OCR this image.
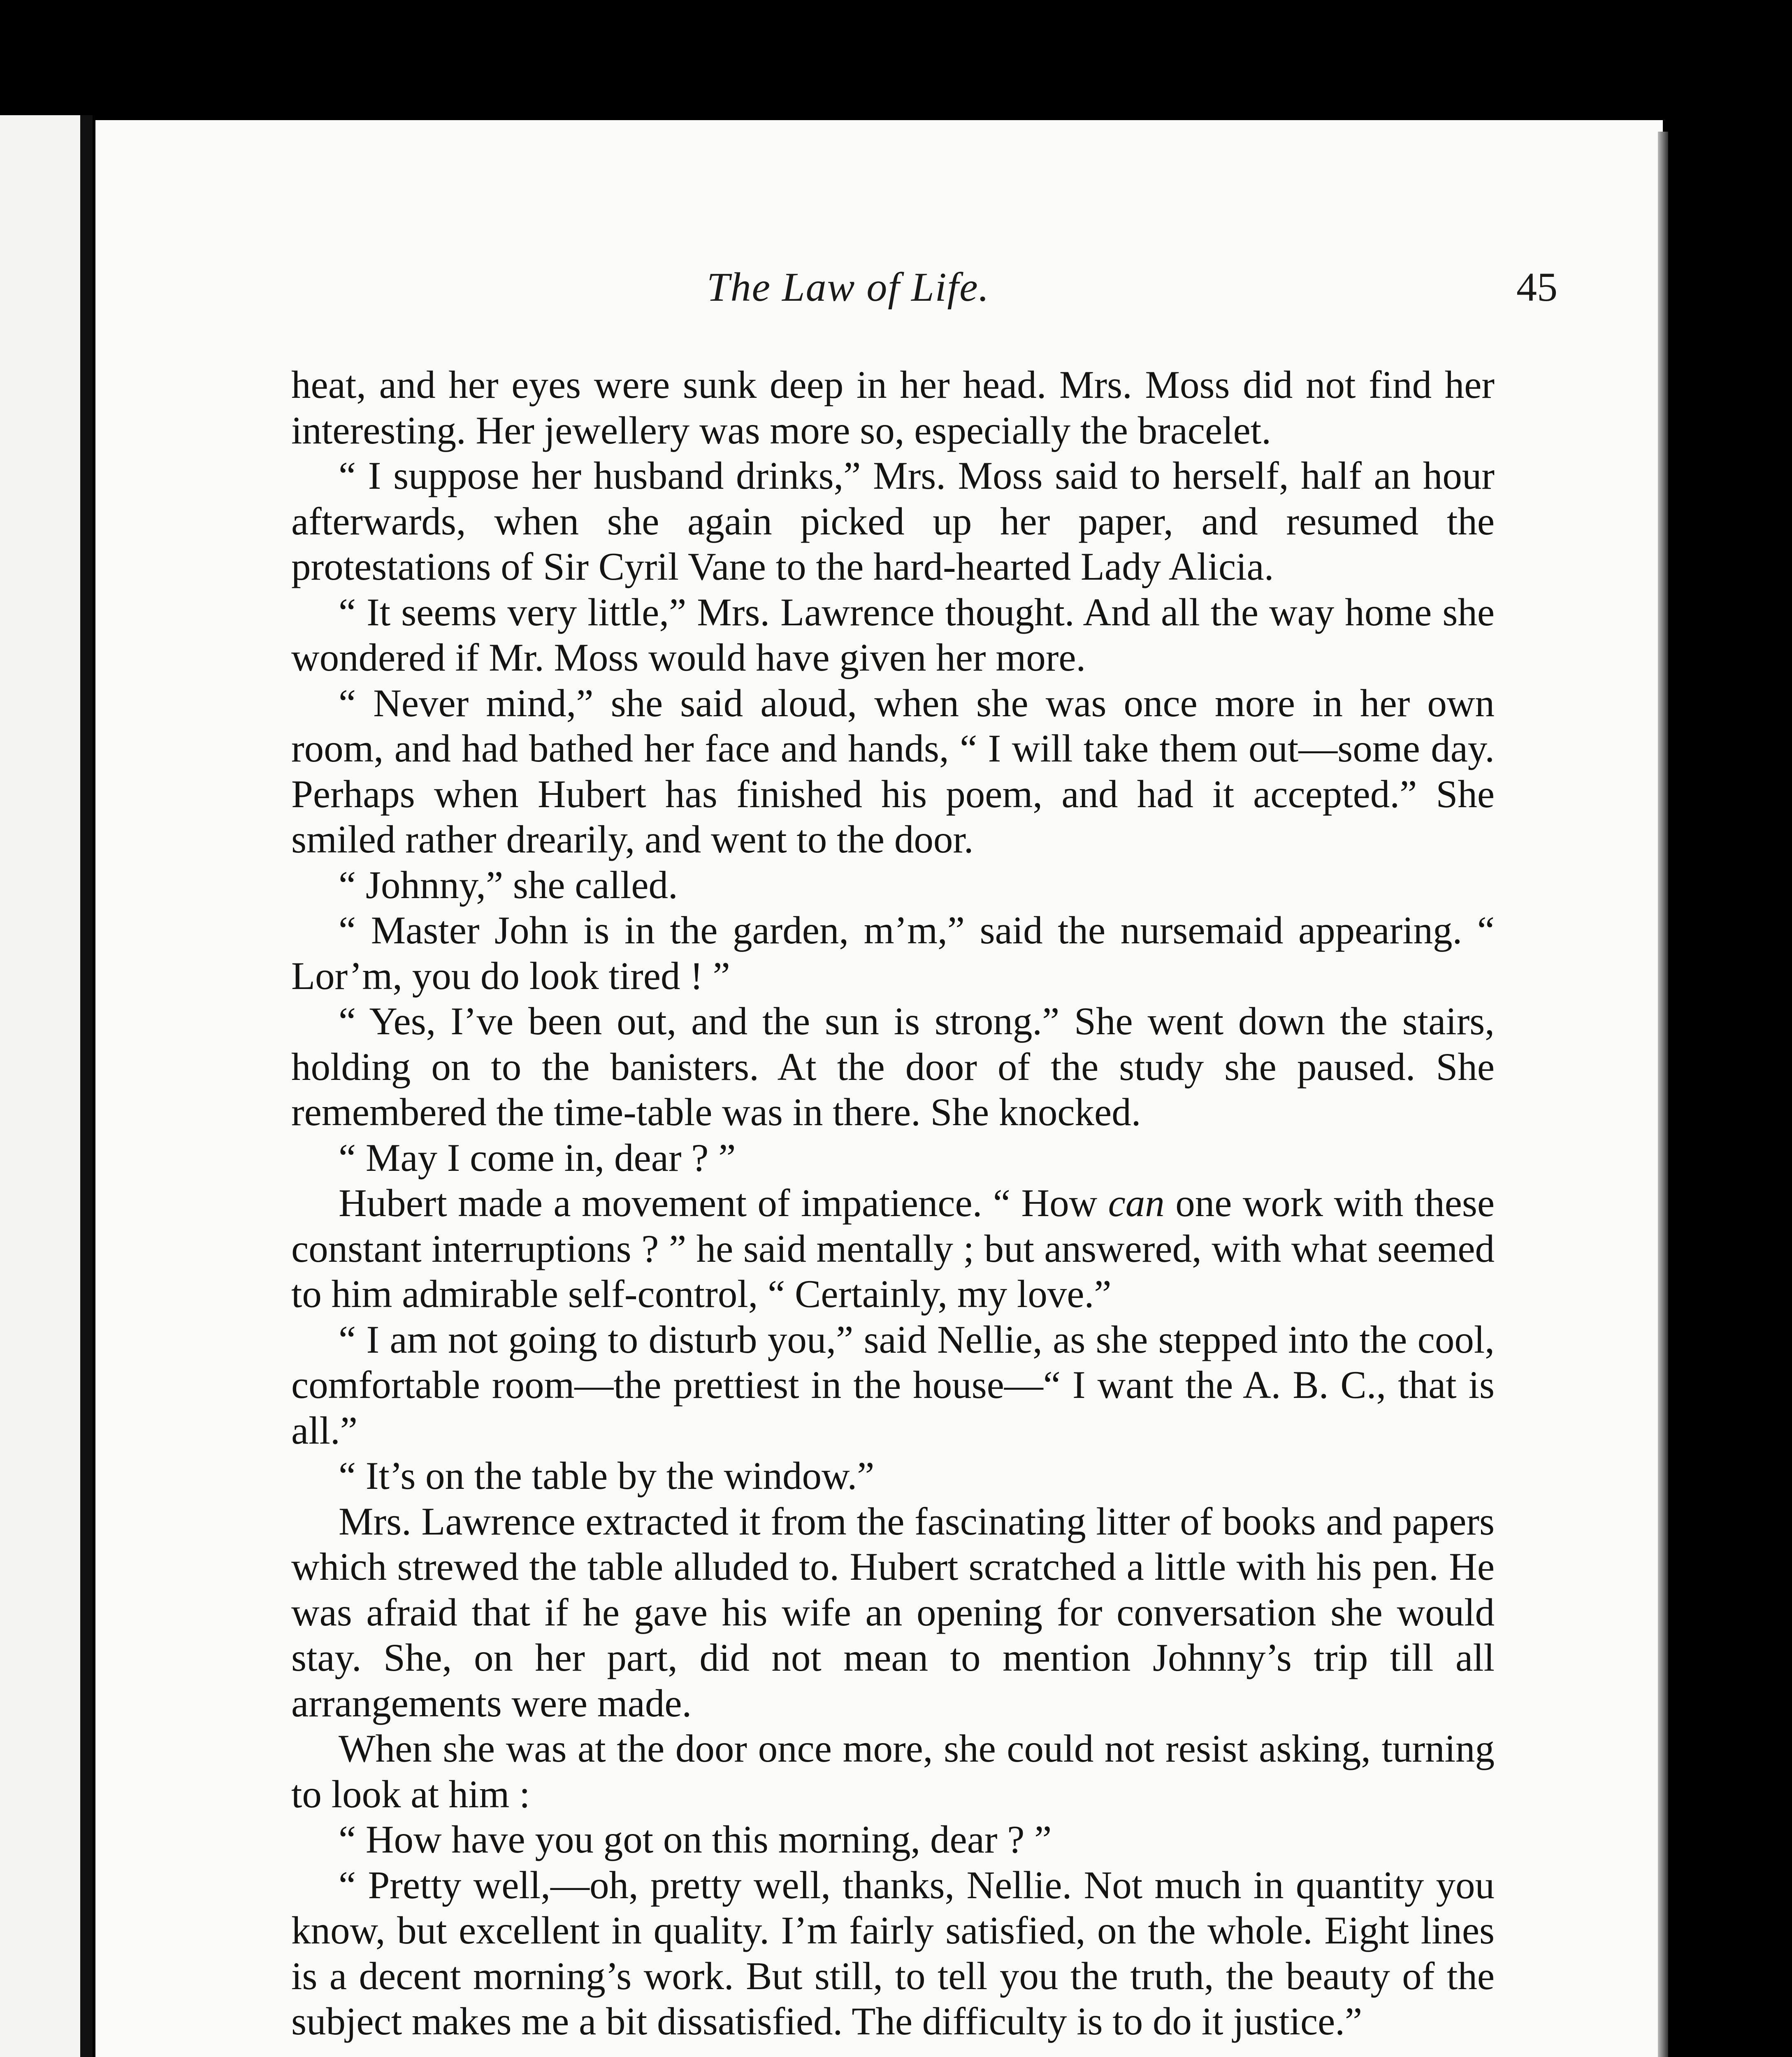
The Law of Life.	45

heat, and her eyes were sunk deep in her head. Mrs. Moss did not find her interesting. Her jewellery was more so, especially the bracelet.

“ I suppose her husband drinks,” Mrs. Moss said to herself, half an hour afterwards, when she again picked up her paper, and resumed the protestations of Sir Cyril Vane to the hard-hearted Lady Alicia.

“ It seems very little,” Mrs. Lawrence thought. And all the way home she wondered if Mr. Moss would have given her more.

“ Never mind,” she said aloud, when she was once more in her own room, and had bathed her face and hands, “ I will take them out—some day. Perhaps when Hubert has finished his poem, and had it accepted.” She smiled rather drearily, and went to the door.

“ Johnny,” she called.

“ Master John is in the garden, m’m,” said the nursemaid appearing. “ Lor’m, you do look tired ! ”

“ Yes, I’ve been out, and the sun is strong.” She went down the stairs, holding on to the banisters. At the door of the study she paused. She remembered the time-table was in there. She knocked.

“ May I come in, dear ? ”

Hubert made a movement of impatience. “ How can one work with these constant interruptions ? ” he said mentally ; but answered, with what seemed to him admirable self-control, “ Certainly, my love.”

“ I am not going to disturb you,” said Nellie, as she stepped into the cool, comfortable room—the prettiest in the house—“ I want the A. B. C., that is all.”

“ It’s on the table by the window.”

Mrs. Lawrence extracted it from the fascinating litter of books and papers which strewed the table alluded to. Hubert scratched a little with his pen. He was afraid that if he gave his wife an opening for conversation she would stay. She, on her part, did not mean to mention Johnny’s trip till all arrangements were made.

When she was at the door once more, she could not resist asking, turning to look at him :

“ How have you got on this morning, dear ? ”

“ Pretty well,—oh, pretty well, thanks, Nellie. Not much in quantity you know, but excellent in quality. I’m fairly satisfied, on the whole. Eight lines is a decent morning’s work. But still, to tell you the truth, the beauty of the subject makes me a bit dissatisfied. The difficulty is to do it justice.”
